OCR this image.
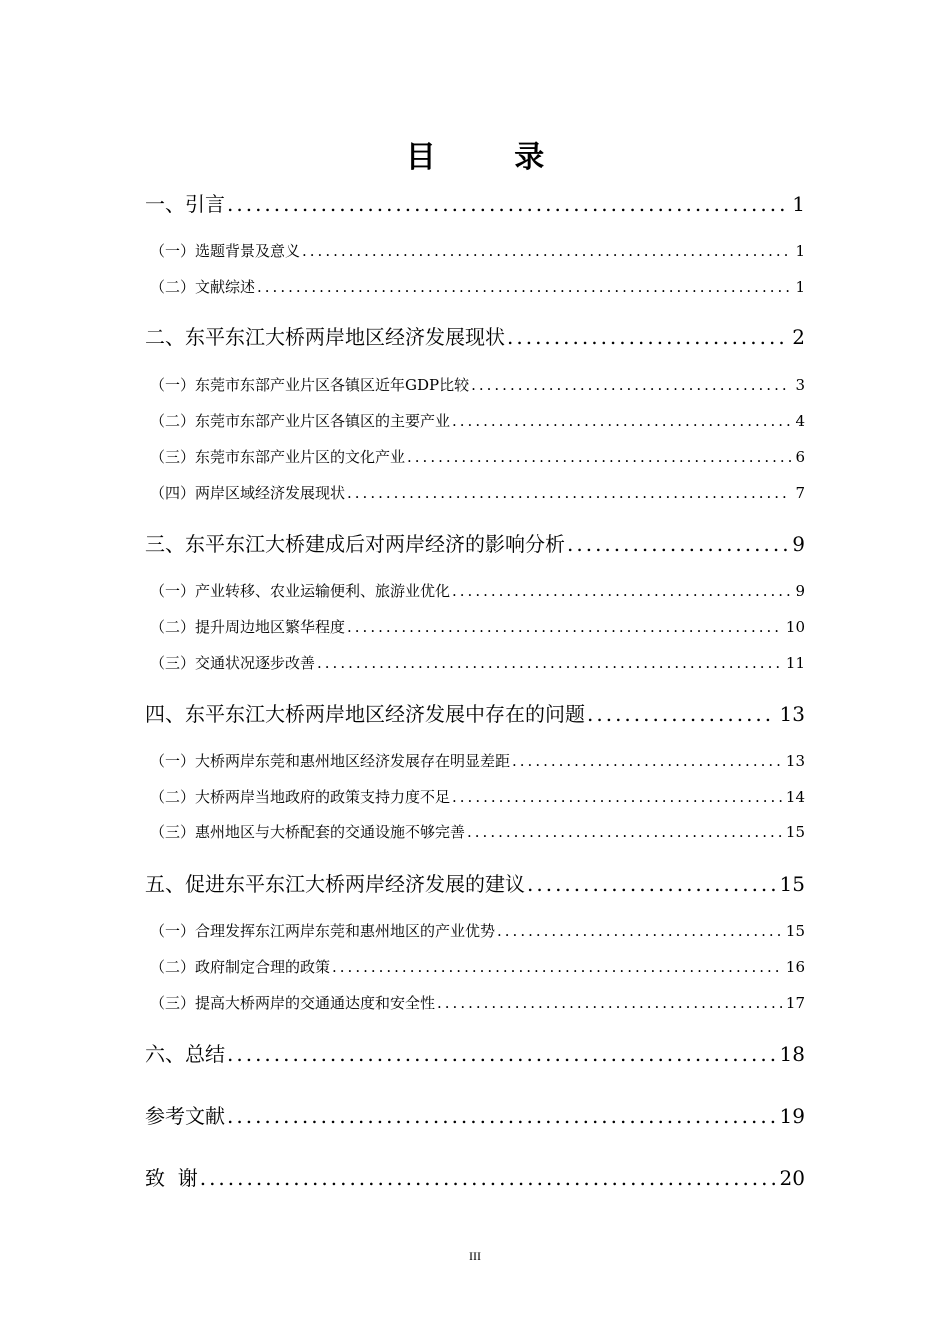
目 录
一、引言 .....	1
（一）选题背景及意义 .....	1
（二）文献综述 .....	1
二、东平东江大桥两岸地区经济发展现状 .....	2
（一）东莞市东部产业片区各镇区近年GDP比较 .....	3
（二）东莞市东部产业片区各镇区的主要产业 .....	4
（三）东莞市东部产业片区的文化产业 .....	6
（四）两岸区域经济发展现状 .....	7
三、东平东江大桥建成后对两岸经济的影响分析 .....	9
（一）产业转移、农业运输便利、旅游业优化 .....	9
（二）提升周边地区繁华程度 .....	10
（三）交通状况逐步改善 .....	11
四、东平东江大桥两岸地区经济发展中存在的问题 .....	13
（一）大桥两岸东莞和惠州地区经济发展存在明显差距 .....	13
（二）大桥两岸当地政府的政策支持力度不足 .....	14
（三）惠州地区与大桥配套的交通设施不够完善 .....	15
五、促进东平东江大桥两岸经济发展的建议 .....	15
（一）合理发挥东江两岸东莞和惠州地区的产业优势 .....	15
（二）政府制定合理的政策 .....	16
（三）提高大桥两岸的交通通达度和安全性 .....	17
六、总结 .....	18
参考文献 .....	19
致  谢 .....	20
III
